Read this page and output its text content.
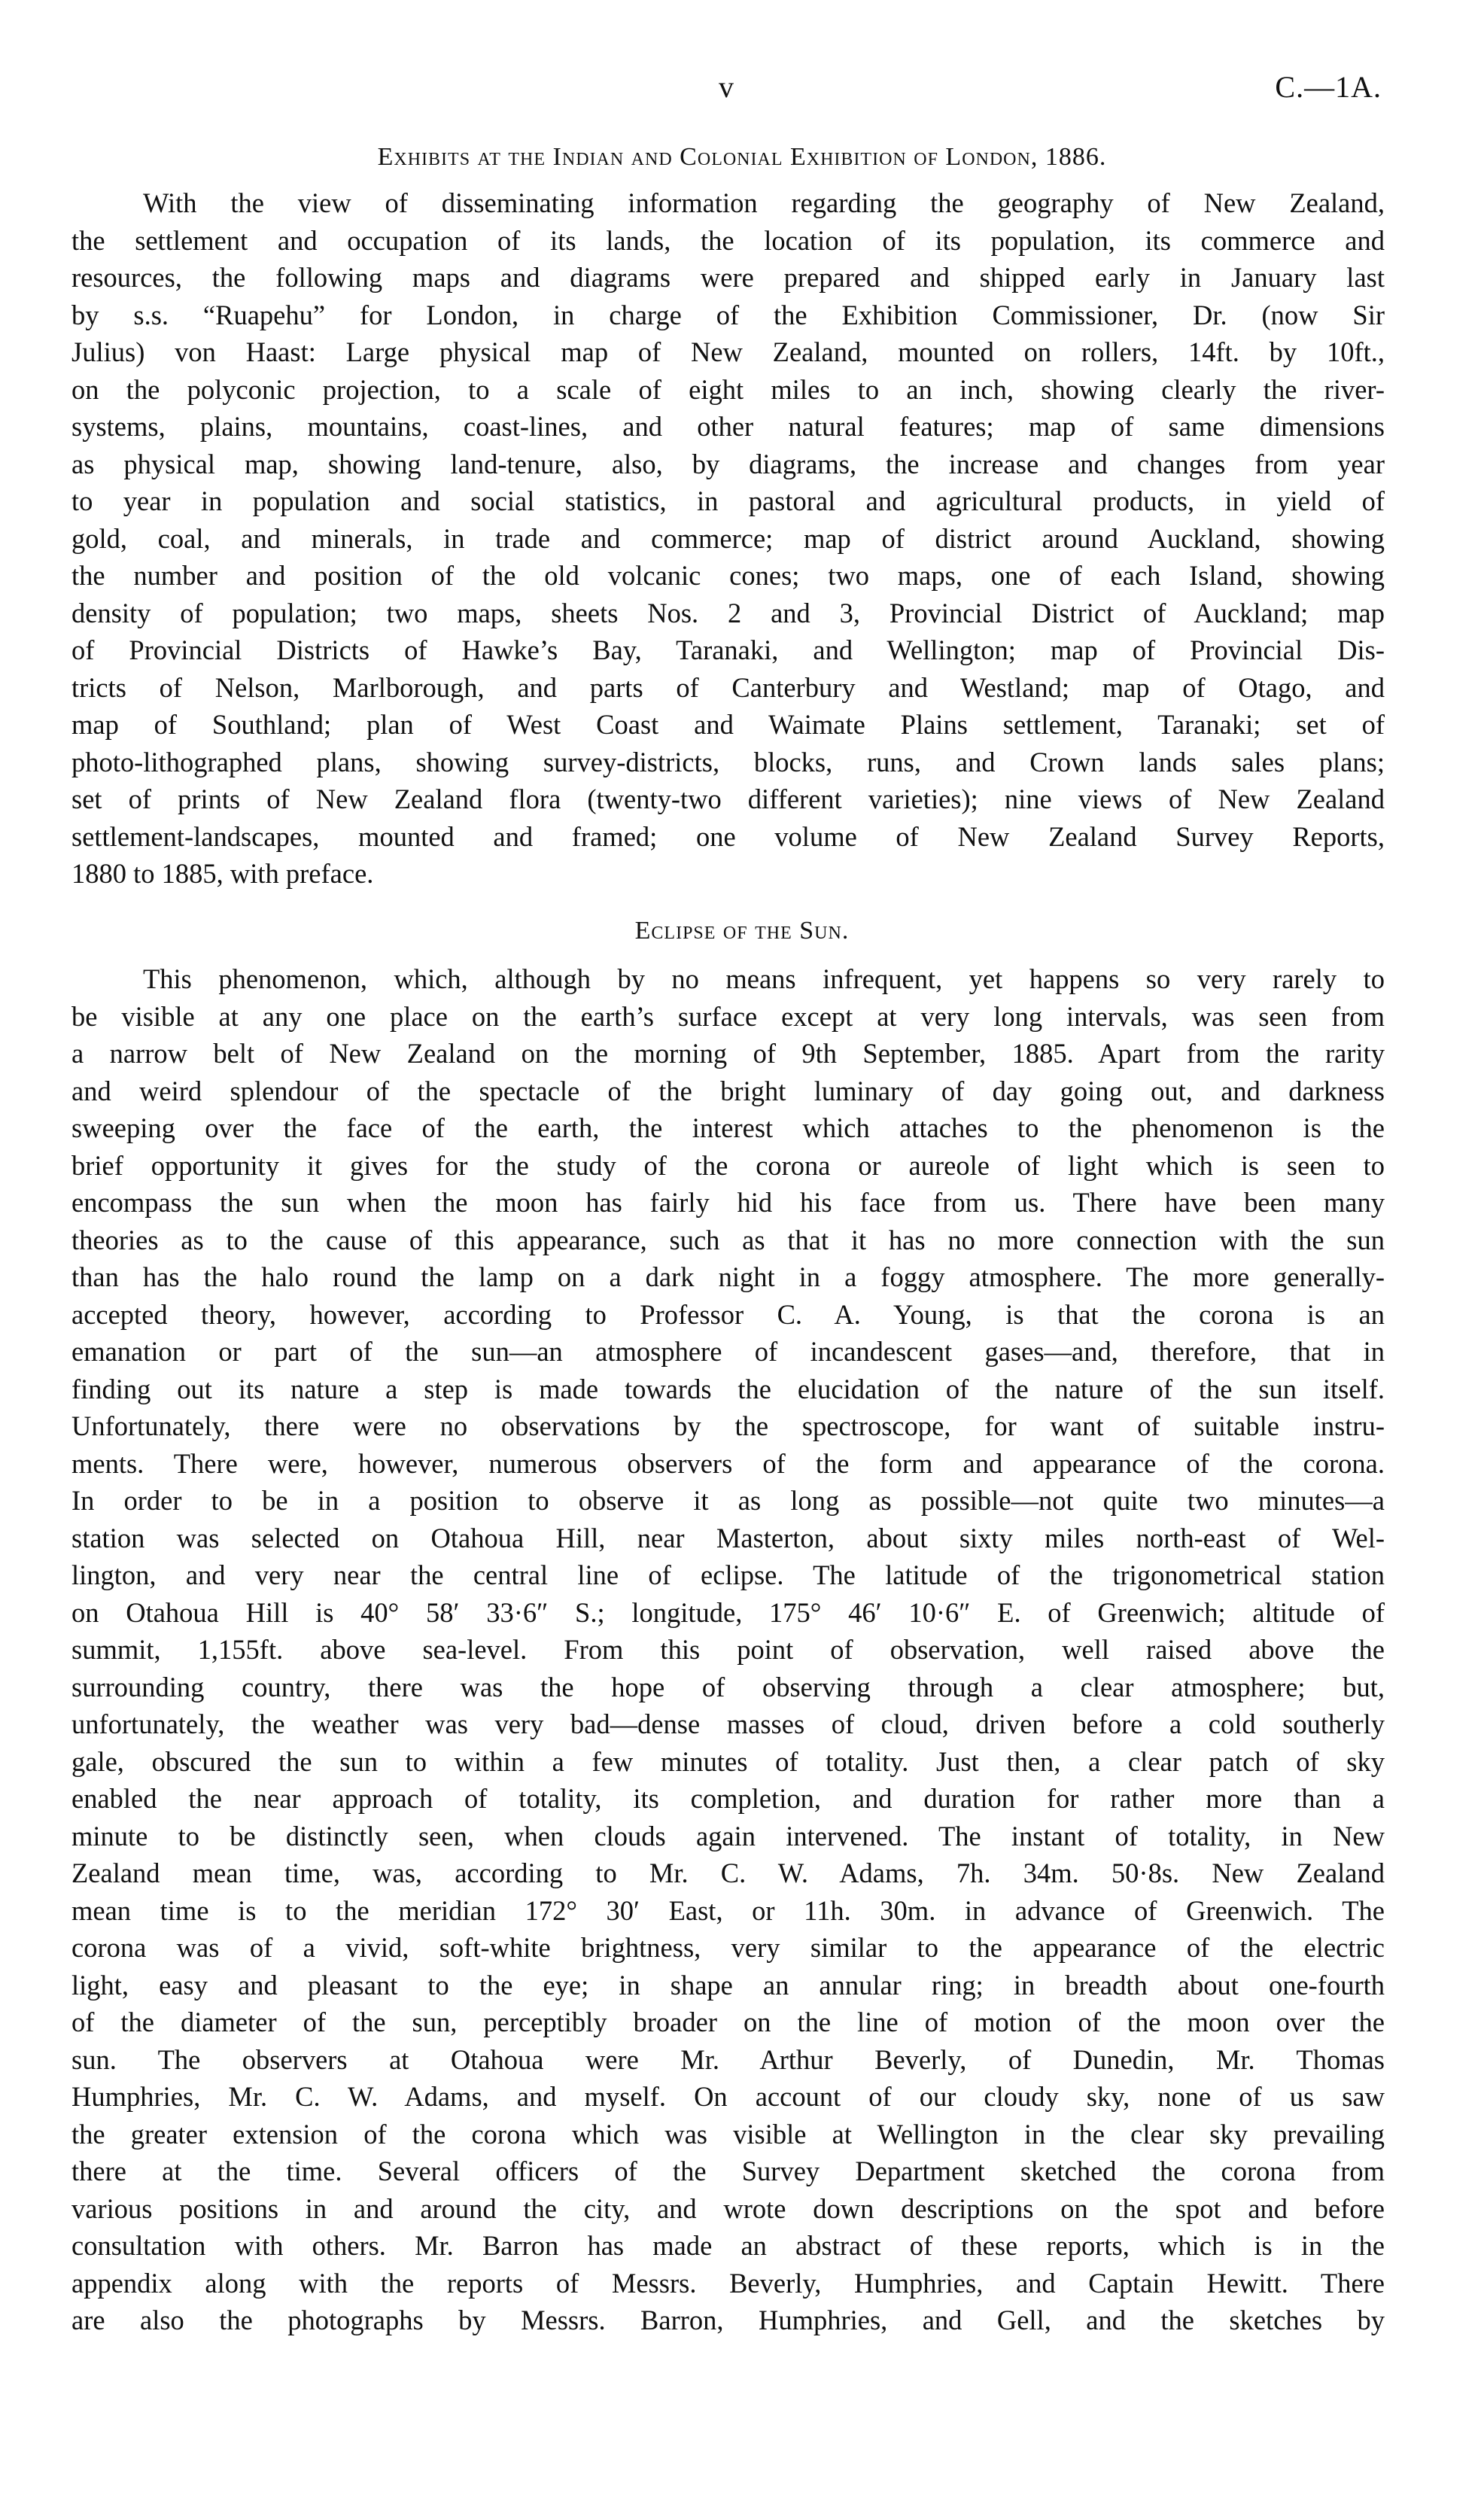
v	C.—1A.
Exhibits at the Indian and Colonial Exhibition of London, 1886.
With the view of disseminating information regarding the geography of New Zealand,
the settlement and occupation of its lands, the location of its population, its commerce and
resources, the following maps and diagrams were prepared and shipped early in January last
by s.s. “Ruapehu” for London, in charge of the Exhibition Commissioner, Dr. (now Sir
Julius) von Haast: Large physical map of New Zealand, mounted on rollers, 14ft. by 10ft.,
on the polyconic projection, to a scale of eight miles to an inch, showing clearly the river-
systems, plains, mountains, coast-lines, and other natural features; map of same dimensions
as physical map, showing land-tenure, also, by diagrams, the increase and changes from year
to year in population and social statistics, in pastoral and agricultural products, in yield of
gold, coal, and minerals, in trade and commerce; map of district around Auckland, showing
the number and position of the old volcanic cones; two maps, one of each Island, showing
density of population; two maps, sheets Nos. 2 and 3, Provincial District of Auckland; map
of Provincial Districts of Hawke’s Bay, Taranaki, and Wellington; map of Provincial Dis-
tricts of Nelson, Marlborough, and parts of Canterbury and Westland; map of Otago, and
map of Southland; plan of West Coast and Waimate Plains settlement, Taranaki; set of
photo-lithographed plans, showing survey-districts, blocks, runs, and Crown lands sales plans;
set of prints of New Zealand flora (twenty-two different varieties); nine views of New Zealand
settlement-landscapes, mounted and framed; one volume of New Zealand Survey Reports,
1880 to 1885, with preface.
Eclipse of the Sun.
This phenomenon, which, although by no means infrequent, yet happens so very rarely to
be visible at any one place on the earth’s surface except at very long intervals, was seen from
a narrow belt of New Zealand on the morning of 9th September, 1885. Apart from the rarity
and weird splendour of the spectacle of the bright luminary of day going out, and darkness
sweeping over the face of the earth, the interest which attaches to the phenomenon is the
brief opportunity it gives for the study of the corona or aureole of light which is seen to
encompass the sun when the moon has fairly hid his face from us. There have been many
theories as to the cause of this appearance, such as that it has no more connection with the sun
than has the halo round the lamp on a dark night in a foggy atmosphere. The more generally-
accepted theory, however, according to Professor C. A. Young, is that the corona is an
emanation or part of the sun—an atmosphere of incandescent gases—and, therefore, that in
finding out its nature a step is made towards the elucidation of the nature of the sun itself.
Unfortunately, there were no observations by the spectroscope, for want of suitable instru-
ments. There were, however, numerous observers of the form and appearance of the corona.
In order to be in a position to observe it as long as possible—not quite two minutes—a
station was selected on Otahoua Hill, near Masterton, about sixty miles north-east of Wel-
lington, and very near the central line of eclipse. The latitude of the trigonometrical station
on Otahoua Hill is 40° 58′ 33·6″ S.; longitude, 175° 46′ 10·6″ E. of Greenwich; altitude of
summit, 1,155ft. above sea-level. From this point of observation, well raised above the
surrounding country, there was the hope of observing through a clear atmosphere; but,
unfortunately, the weather was very bad—dense masses of cloud, driven before a cold southerly
gale, obscured the sun to within a few minutes of totality. Just then, a clear patch of sky
enabled the near approach of totality, its completion, and duration for rather more than a
minute to be distinctly seen, when clouds again intervened. The instant of totality, in New
Zealand mean time, was, according to Mr. C. W. Adams, 7h. 34m. 50·8s. New Zealand
mean time is to the meridian 172° 30′ East, or 11h. 30m. in advance of Greenwich. The
corona was of a vivid, soft-white brightness, very similar to the appearance of the electric
light, easy and pleasant to the eye; in shape an annular ring; in breadth about one-fourth
of the diameter of the sun, perceptibly broader on the line of motion of the moon over the
sun. The observers at Otahoua were Mr. Arthur Beverly, of Dunedin, Mr. Thomas
Humphries, Mr. C. W. Adams, and myself. On account of our cloudy sky, none of us saw
the greater extension of the corona which was visible at Wellington in the clear sky prevailing
there at the time. Several officers of the Survey Department sketched the corona from
various positions in and around the city, and wrote down descriptions on the spot and before
consultation with others. Mr. Barron has made an abstract of these reports, which is in the
appendix along with the reports of Messrs. Beverly, Humphries, and Captain Hewitt. There
are also the photographs by Messrs. Barron, Humphries, and Gell, and the sketches by
